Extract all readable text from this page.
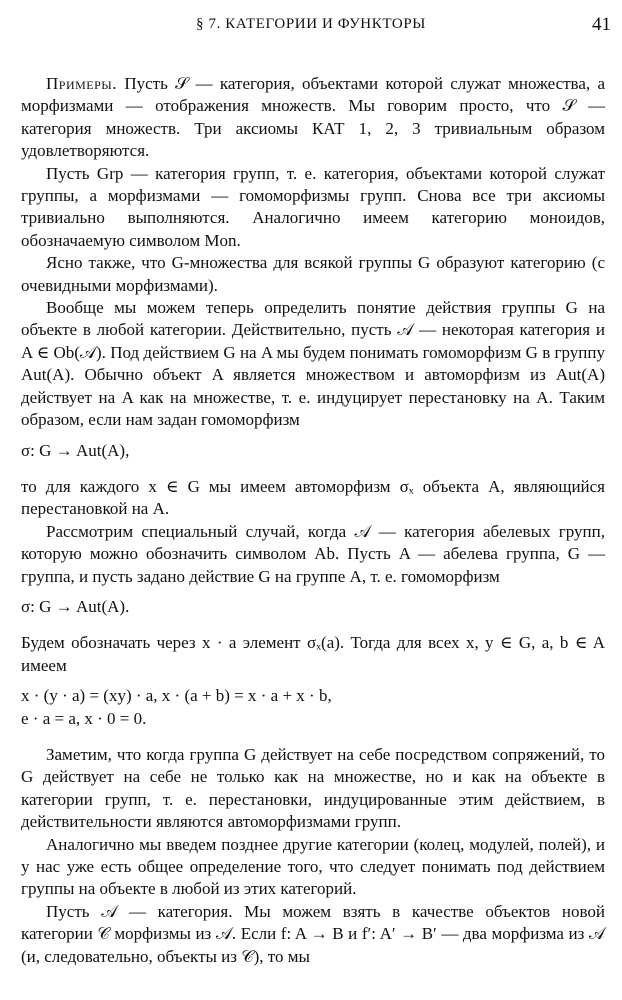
§ 7. КАТЕГОРИИ И ФУНКТОРЫ	41

Примеры. Пусть 𝒮 — категория, объектами которой служат множества, а морфизмами — отображения множеств. Мы говорим просто, что 𝒮 — категория множеств. Три аксиомы КАТ 1, 2, 3 тривиальным образом удовлетворяются.

Пусть Grp — категория групп, т. е. категория, объектами которой служат группы, а морфизмами — гомоморфизмы групп. Снова все три аксиомы тривиально выполняются. Аналогично имеем категорию моноидов, обозначаемую символом Mon.

Ясно также, что G-множества для всякой группы G образуют категорию (с очевидными морфизмами).

Вообще мы можем теперь определить понятие действия группы G на объекте в любой категории. Действительно, пусть 𝒜 — некоторая категория и A ∈ Ob(𝒜). Под действием G на A мы будем понимать гомоморфизм G в группу Aut(A). Обычно объект A является множеством и автоморфизм из Aut(A) действует на A как на множестве, т. е. индуцирует перестановку на A. Таким образом, если нам задан гомоморфизм

σ: G → Aut(A),

то для каждого x ∈ G мы имеем автоморфизм σₓ объекта A, являющийся перестановкой на A.

Рассмотрим специальный случай, когда 𝒜 — категория абелевых групп, которую можно обозначить символом Ab. Пусть A — абелева группа, G — группа, и пусть задано действие G на группе A, т. е. гомоморфизм

σ: G → Aut(A).

Будем обозначать через x · a элемент σₓ(a). Тогда для всех x, y ∈ G, a, b ∈ A имеем

x · (y · a) = (xy) · a, x · (a + b) = x · a + x · b,

e · a = a, x · 0 = 0.

Заметим, что когда группа G действует на себе посредством сопряжений, то G действует на себе не только как на множестве, но и как на объекте в категории групп, т. е. перестановки, индуцированные этим действием, в действительности являются автоморфизмами групп.

Аналогично мы введем позднее другие категории (колец, модулей, полей), и у нас уже есть общее определение того, что следует понимать под действием группы на объекте в любой из этих категорий.

Пусть 𝒜 — категория. Мы можем взять в качестве объектов новой категории 𝒞 морфизмы из 𝒜. Если f: A → B и f′: A′ → B′ — два морфизма из 𝒜 (и, следовательно, объекты из 𝒞), то мы
